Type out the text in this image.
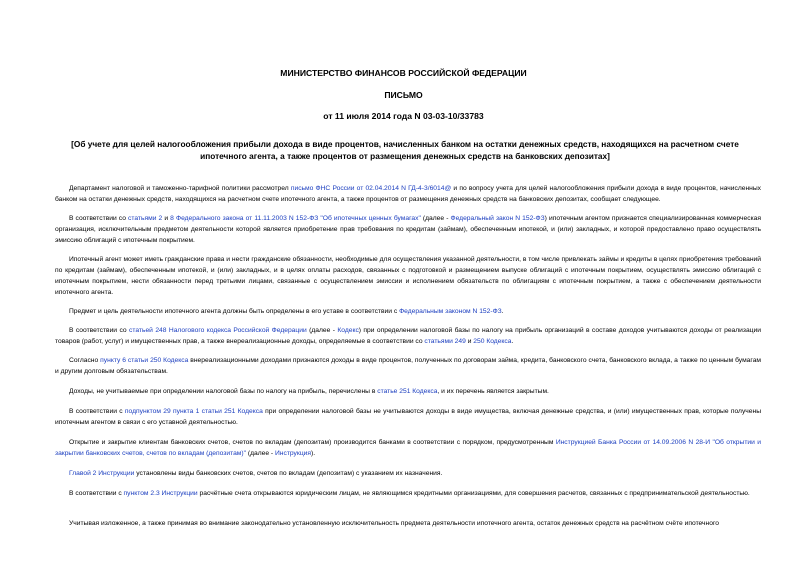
МИНИСТЕРСТВО ФИНАНСОВ РОССИЙСКОЙ ФЕДЕРАЦИИ
ПИСЬМО
от 11 июля 2014 года N 03-03-10/33783
[Об учете для целей налогообложения прибыли дохода в виде процентов, начисленных банком на остатки денежных средств, находящихся на расчетном счете ипотечного агента, а также процентов от размещения денежных средств на банковских депозитах]

Департамент налоговой и таможенно-тарифной политики рассмотрел письмо ФНС России от 02.04.2014 N ГД-4-3/6014@ и по вопросу учета для целей налогообложения прибыли дохода в виде процентов, начисленных банком на остатки денежных средств, находящихся на расчетном счете ипотечного агента, а также процентов от размещения денежных средств на банковских депозитах, сообщает следующее.

В соответствии со статьями 2 и 8 Федерального закона от 11.11.2003 N 152-ФЗ "Об ипотечных ценных бумагах" (далее - Федеральный закон N 152-ФЗ) ипотечным агентом признается специализированная коммерческая организация, исключительным предметом деятельности которой является приобретение прав требования по кредитам (займам), обеспеченным ипотекой, и (или) закладных, и которой предоставлено право осуществлять эмиссию облигаций с ипотечным покрытием.

Ипотечный агент может иметь гражданские права и нести гражданские обязанности, необходимые для осуществления указанной деятельности, в том числе привлекать займы и кредиты в целях приобретения требований по кредитам (займам), обеспеченным ипотекой, и (или) закладных, и в целях оплаты расходов, связанных с подготовкой и размещением выпуске облигаций с ипотечным покрытием, осуществлять эмиссию облигаций с ипотечным покрытием, нести обязанности перед третьими лицами, связанные с осуществлением эмиссии и исполнением обязательств по облигациям с ипотечным покрытием, а также с обеспечением деятельности ипотечного агента.

Предмет и цель деятельности ипотечного агента должны быть определены в его уставе в соответствии с Федеральным законом N 152-ФЗ.

В соответствии со статьей 248 Налогового кодекса Российской Федерации (далее - Кодекс) при определении налоговой базы по налогу на прибыль организаций в составе доходов учитываются доходы от реализации товаров (работ, услуг) и имущественных прав, а также внереализационные доходы, определяемые в соответствии со статьями 249 и 250 Кодекса.

Согласно пункту 6 статьи 250 Кодекса внереализационными доходами признаются доходы в виде процентов, полученных по договорам займа, кредита, банковского счета, банковского вклада, а также по ценным бумагам и другим долговым обязательствам.

Доходы, не учитываемые при определении налоговой базы по налогу на прибыль, перечислены в статье 251 Кодекса, и их перечень является закрытым.

В соответствии с подпунктом 29 пункта 1 статьи 251 Кодекса при определении налоговой базы не учитываются доходы в виде имущества, включая денежные средства, и (или) имущественных прав, которые получены ипотечным агентом в связи с его уставной деятельностью.

Открытие и закрытие клиентам банковских счетов, счетов по вкладам (депозитам) производится банками в соответствии с порядком, предусмотренным Инструкцией Банка России от 14.09.2006 N 28-И "Об открытии и закрытии банковских счетов, счетов по вкладам (депозитам)" (далее - Инструкция).

Главой 2 Инструкции установлены виды банковских счетов, счетов по вкладам (депозитам) с указанием их назначения.

В соответствии с пунктом 2.3 Инструкции расчётные счета открываются юридическим лицам, не являющимся кредитными организациями, для совершения расчетов, связанных с предпринимательской деятельностью.

Учитывая изложенное, а также принимая во внимание законодательно установленную исключительность предмета деятельности ипотечного агента, остаток денежных средств на расчётном счёте ипотечного
